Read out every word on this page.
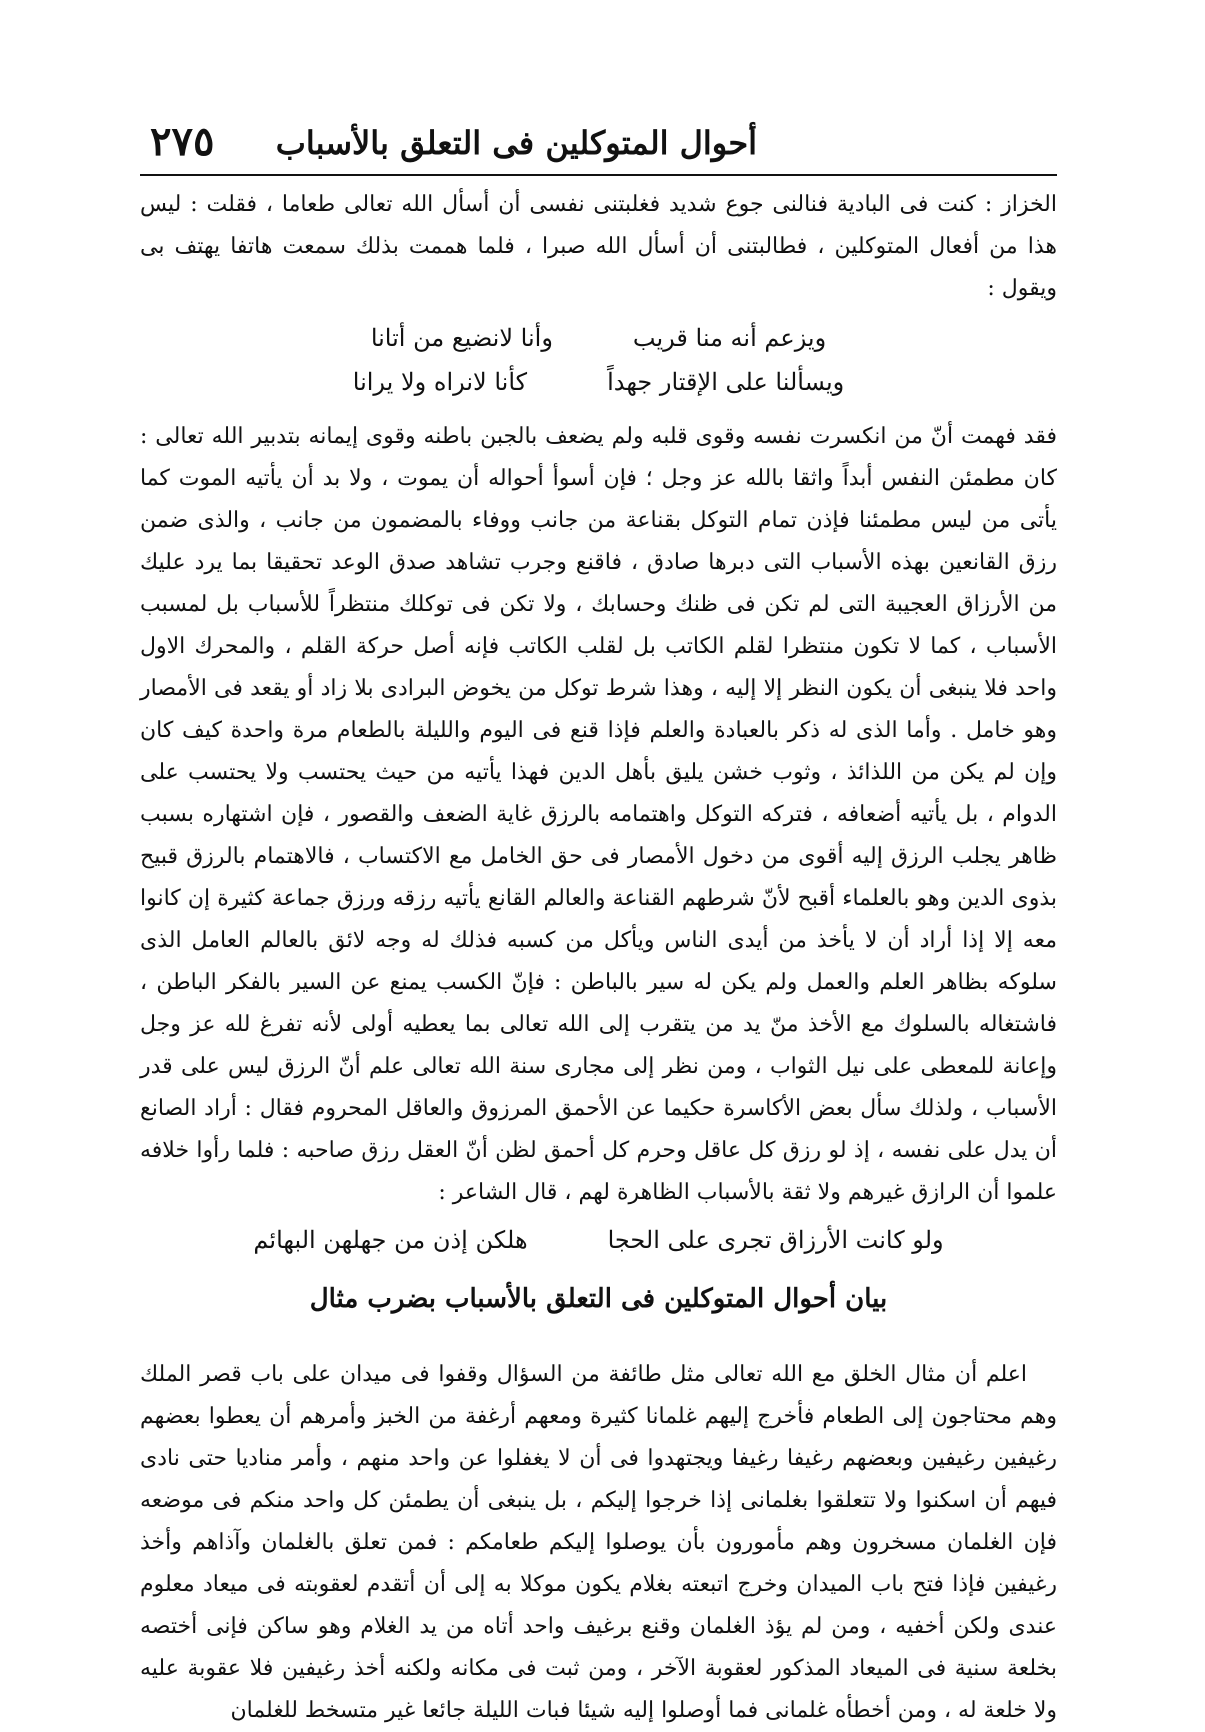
٢٧٥ أحوال المتوكلين فى التعلق بالأسباب

الخزاز : كنت فى البادية فنالنى جوع شديد فغلبتنى نفسى أن أسأل الله تعالى طعاما ، فقلت : ليس هذا من أفعال المتوكلين ، فطالبتنى أن أسأل الله صبرا ، فلما هممت بذلك سمعت هاتفا يهتف بى ويقول :

ويزعم أنه منا قريب
وأنا لانضيع من أتانا
ويسألنا على الإقتار جهداً
كأنا لانراه ولا يرانا

فقد فهمت أنّ من انكسرت نفسه وقوى قلبه ولم يضعف بالجبن باطنه وقوى إيمانه بتدبير الله تعالى : كان مطمئن النفس أبداً واثقا بالله عز وجل ؛ فإن أسوأ أحواله أن يموت ، ولا بد أن يأتيه الموت كما يأتى من ليس مطمئنا فإذن تمام التوكل بقناعة من جانب ووفاء بالمضمون من جانب ، والذى ضمن رزق القانعين بهذه الأسباب التى دبرها صادق ، فاقنع وجرب تشاهد صدق الوعد تحقيقا بما يرد عليك من الأرزاق العجيبة التى لم تكن فى ظنك وحسابك ، ولا تكن فى توكلك منتظراً للأسباب بل لمسبب الأسباب ، كما لا تكون منتظرا لقلم الكاتب بل لقلب الكاتب فإنه أصل حركة القلم ، والمحرك الاول واحد فلا ينبغى أن يكون النظر إلا إليه ، وهذا شرط توكل من يخوض البرادى بلا زاد أو يقعد فى الأمصار وهو خامل . وأما الذى له ذكر بالعبادة والعلم فإذا قنع فى اليوم والليلة بالطعام مرة واحدة كيف كان وإن لم يكن من اللذائذ ، وثوب خشن يليق بأهل الدين فهذا يأتيه من حيث يحتسب ولا يحتسب على الدوام ، بل يأتيه أضعافه ، فتركه التوكل واهتمامه بالرزق غاية الضعف والقصور ، فإن اشتهاره بسبب ظاهر يجلب الرزق إليه أقوى من دخول الأمصار فى حق الخامل مع الاكتساب ، فالاهتمام بالرزق قبيح بذوى الدين وهو بالعلماء أقبح لأنّ شرطهم القناعة والعالم القانع يأتيه رزقه ورزق جماعة كثيرة إن كانوا معه إلا إذا أراد أن لا يأخذ من أيدى الناس ويأكل من كسبه فذلك له وجه لائق بالعالم العامل الذى سلوكه بظاهر العلم والعمل ولم يكن له سير بالباطن : فإنّ الكسب يمنع عن السير بالفكر الباطن ، فاشتغاله بالسلوك مع الأخذ منّ يد من يتقرب إلى الله تعالى بما يعطيه أولى لأنه تفرغ لله عز وجل وإعانة للمعطى على نيل الثواب ، ومن نظر إلى مجارى سنة الله تعالى علم أنّ الرزق ليس على قدر الأسباب ، ولذلك سأل بعض الأكاسرة حكيما عن الأحمق المرزوق والعاقل المحروم فقال : أراد الصانع أن يدل على نفسه ، إذ لو رزق كل عاقل وحرم كل أحمق لظن أنّ العقل رزق صاحبه : فلما رأوا خلافه علموا أن الرازق غيرهم ولا ثقة بالأسباب الظاهرة لهم ، قال الشاعر :

ولو كانت الأرزاق تجرى على الحجا
هلكن إذن من جهلهن البهائم
بيان أحوال المتوكلين فى التعلق بالأسباب بضرب مثال

اعلم أن مثال الخلق مع الله تعالى مثل طائفة من السؤال وقفوا فى ميدان على باب قصر الملك وهم محتاجون إلى الطعام فأخرج إليهم غلمانا كثيرة ومعهم أرغفة من الخبز وأمرهم أن يعطوا بعضهم رغيفين رغيفين وبعضهم رغيفا رغيفا ويجتهدوا فى أن لا يغفلوا عن واحد منهم ، وأمر مناديا حتى نادى فيهم أن اسكنوا ولا تتعلقوا بغلمانى إذا خرجوا إليكم ، بل ينبغى أن يطمئن كل واحد منكم فى موضعه فإن الغلمان مسخرون وهم مأمورون بأن يوصلوا إليكم طعامكم : فمن تعلق بالغلمان وآذاهم وأخذ رغيفين فإذا فتح باب الميدان وخرج اتبعته بغلام يكون موكلا به إلى أن أتقدم لعقوبته فى ميعاد معلوم عندى ولكن أخفيه ، ومن لم يؤذ الغلمان وقنع برغيف واحد أتاه من يد الغلام وهو ساكن فإنى أختصه بخلعة سنية فى الميعاد المذكور لعقوبة الآخر ، ومن ثبت فى مكانه ولكنه أخذ رغيفين فلا عقوبة عليه ولا خلعة له ، ومن أخطأه غلمانى فما أوصلوا إليه شيئا فبات الليلة جائعا غير متسخط للغلمان
